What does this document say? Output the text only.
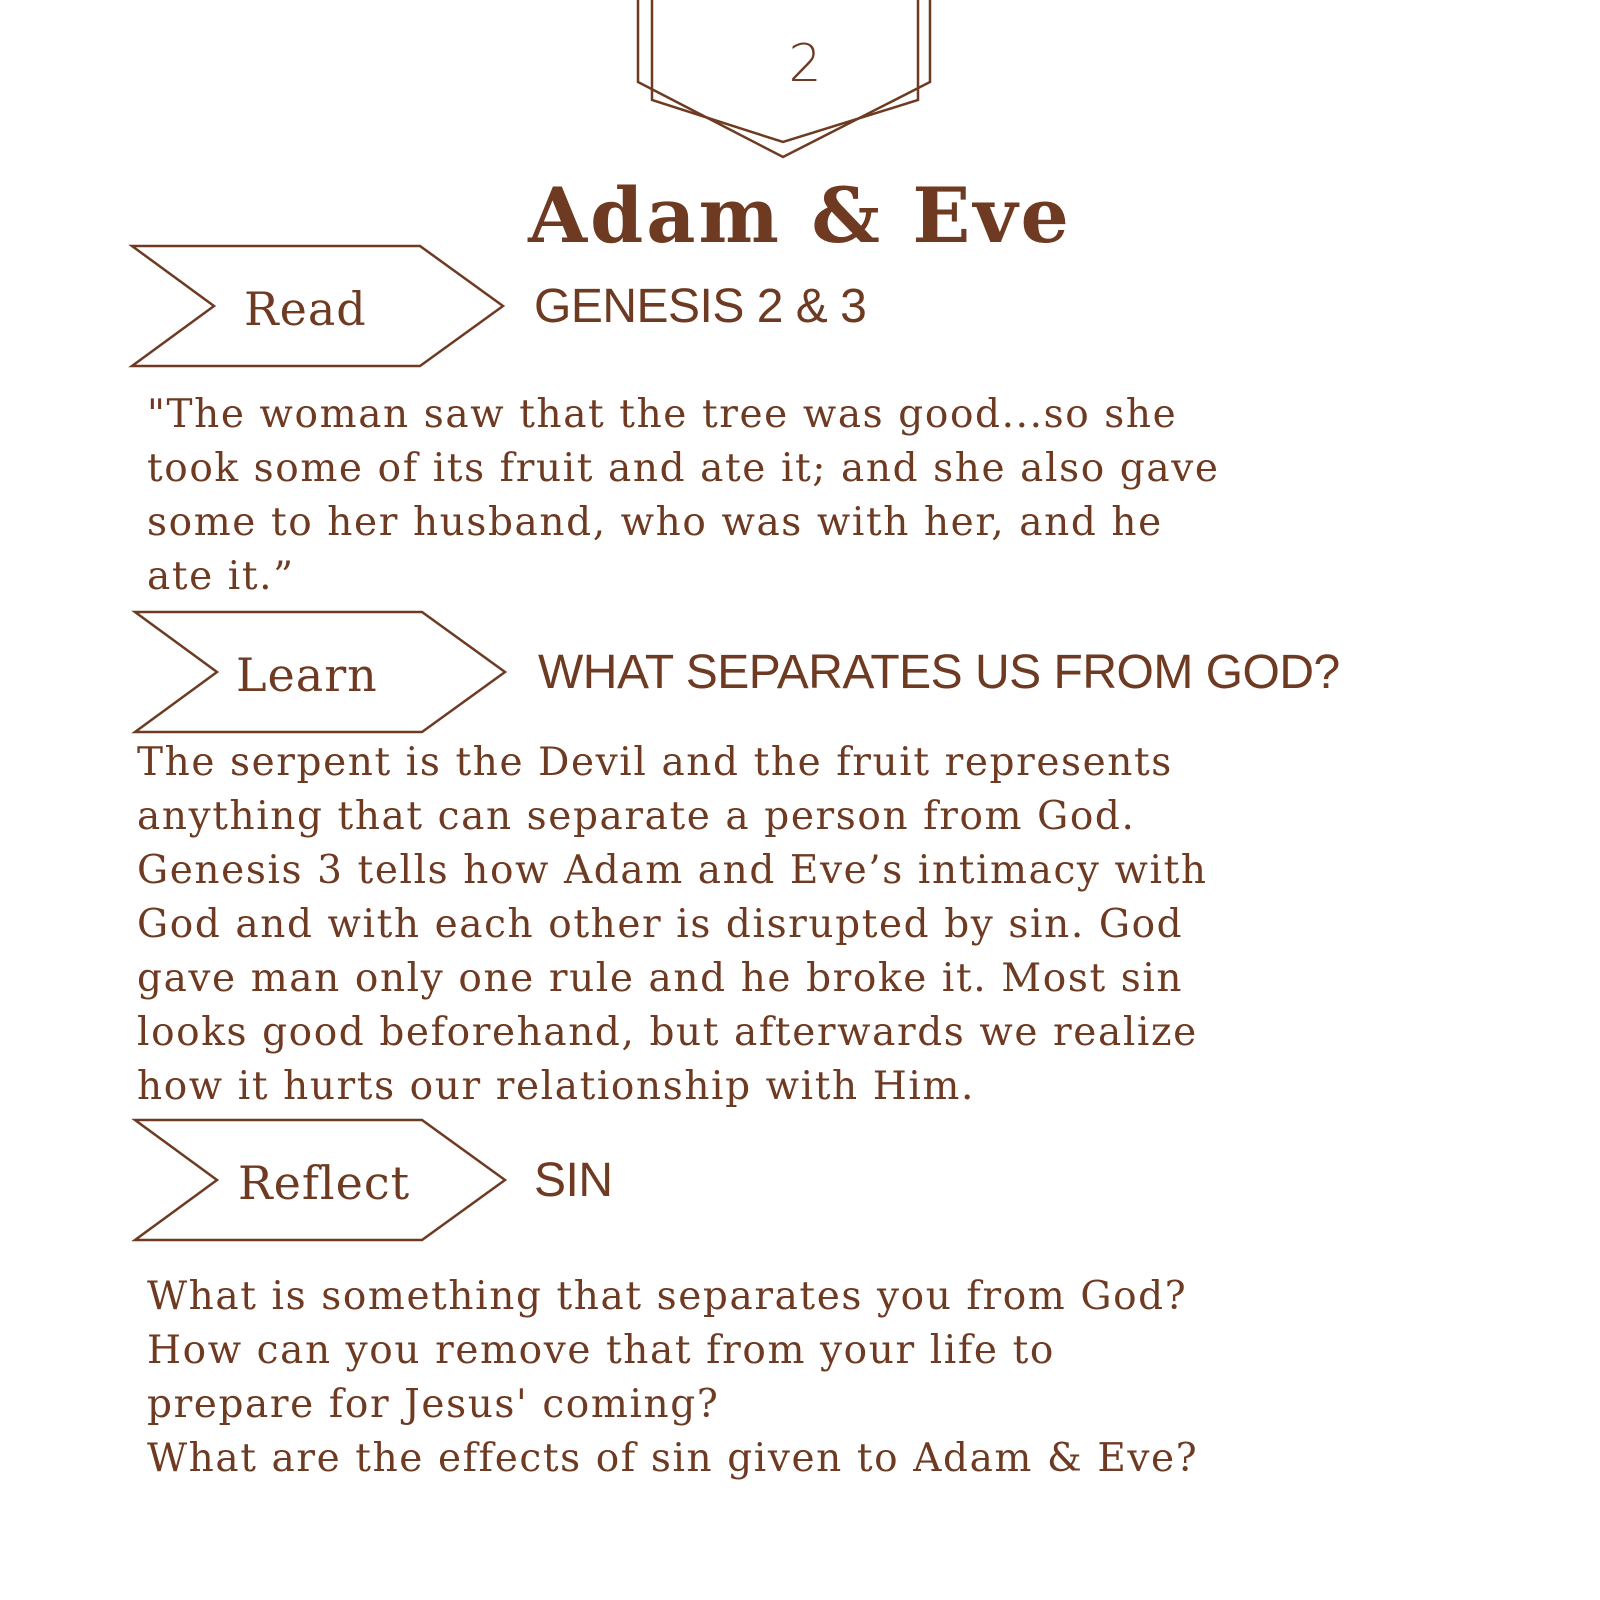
2
Adam & Eve
Read	GENESIS 2 & 3
"The woman saw that the tree was good...so she
took some of its fruit and ate it; and she also gave
some to her husband, who was with her, and he
ate it.”
Learn	WHAT SEPARATES US FROM GOD?
The serpent is the Devil and the fruit represents
anything that can separate a person from God.
Genesis 3 tells how Adam and Eve’s intimacy with
God and with each other is disrupted by sin. God
gave man only one rule and he broke it. Most sin
looks good beforehand, but afterwards we realize
how it hurts our relationship with Him.
Reflect	SIN
What is something that separates you from God?
How can you remove that from your life to
prepare for Jesus' coming?
What are the effects of sin given to Adam & Eve?
